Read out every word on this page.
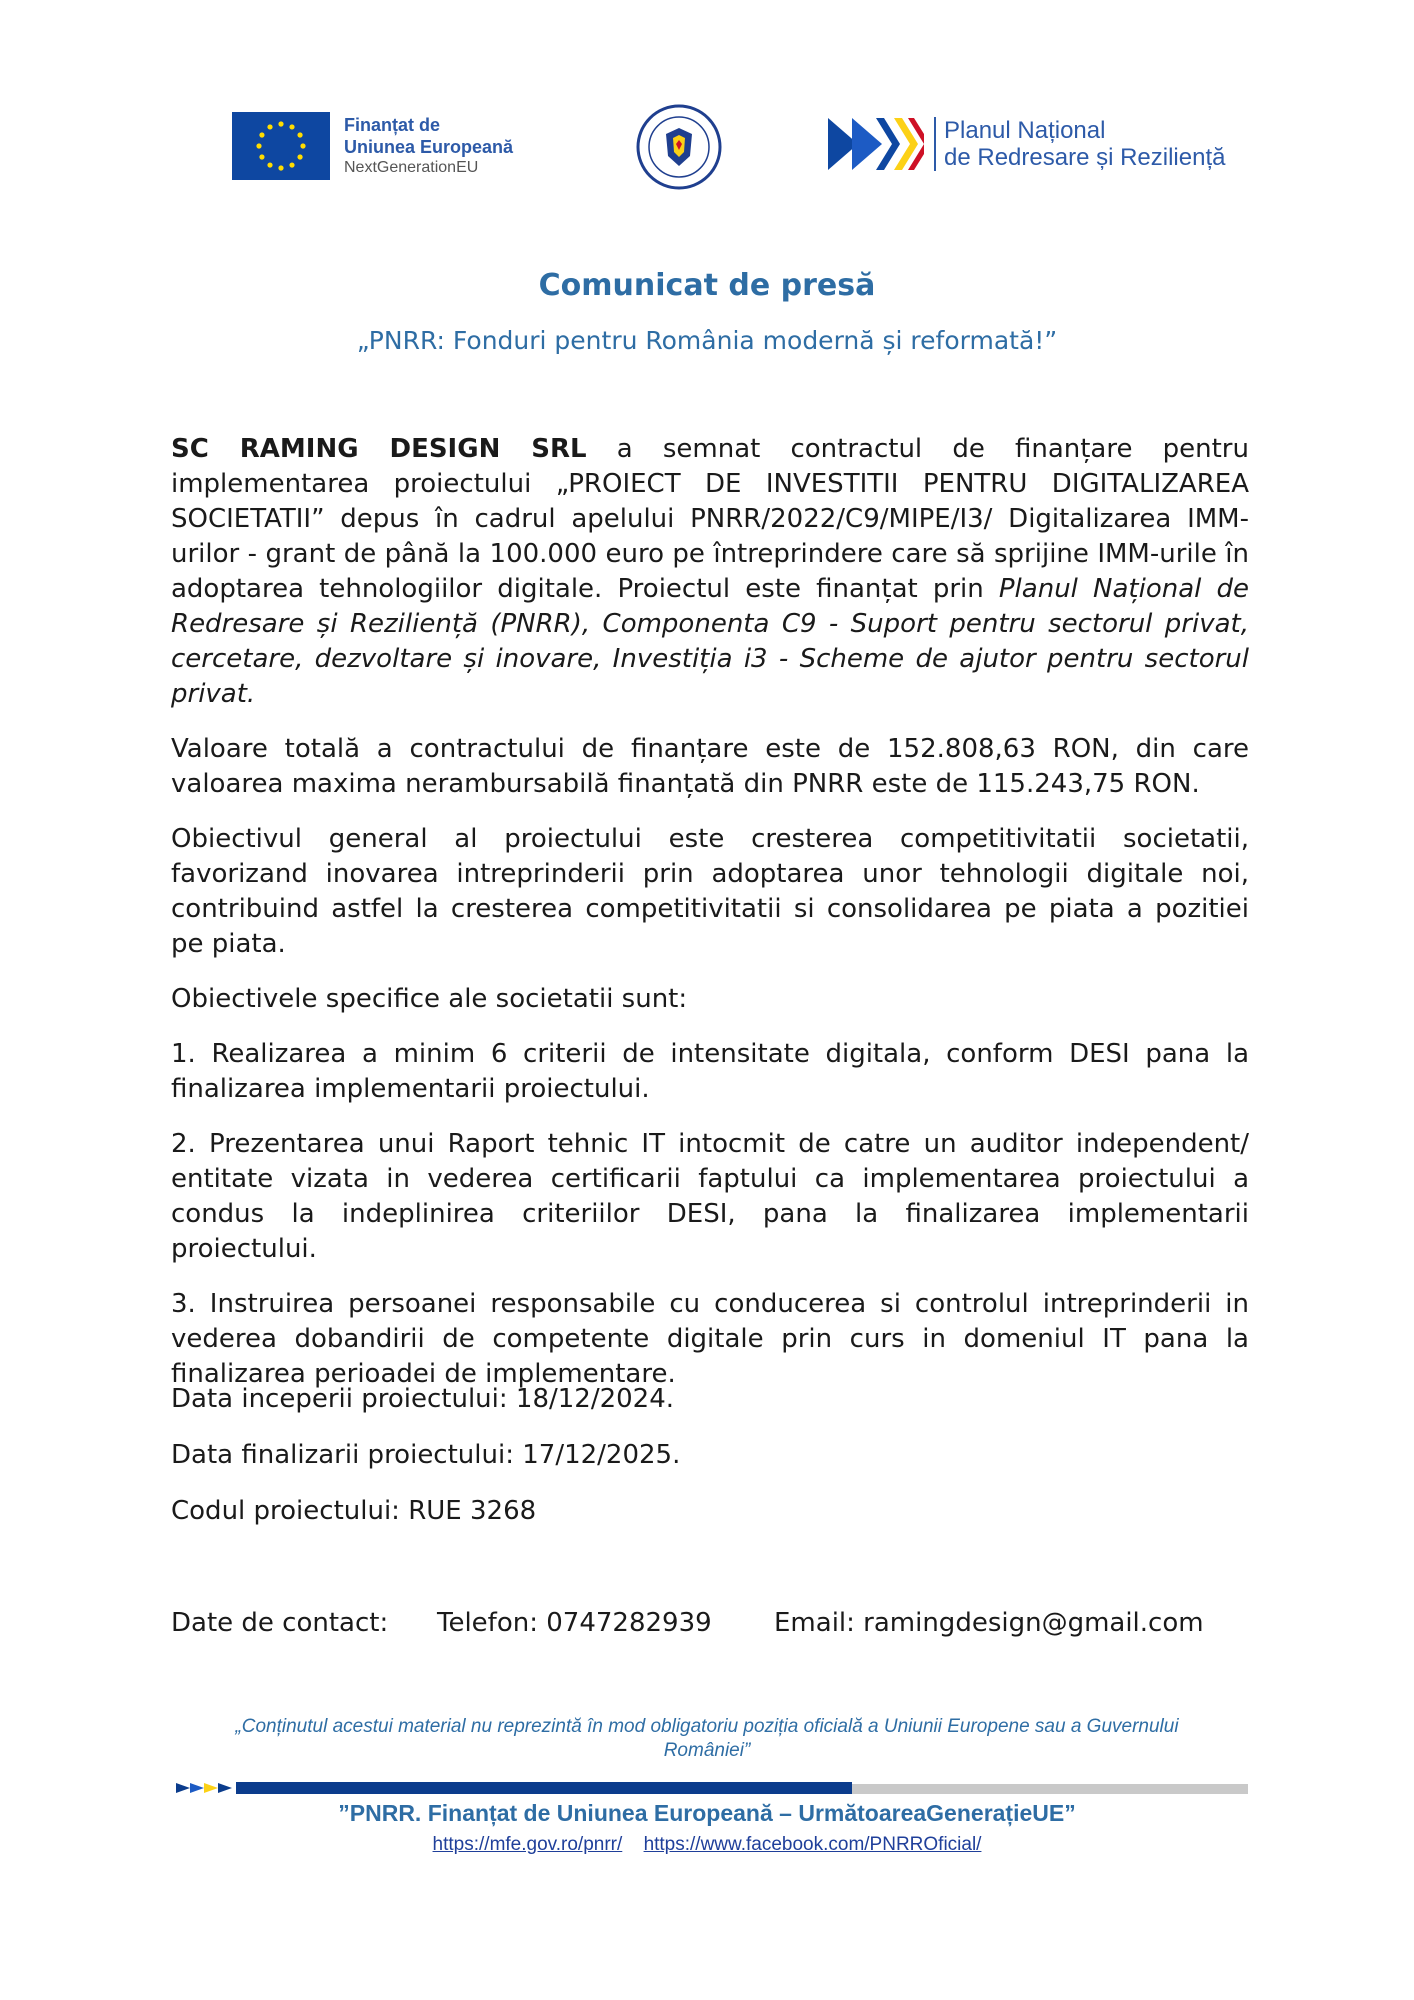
Finanțat de
Uniunea Europeană
NextGenerationEU
Planul Național
de Redresare și Reziliență
Comunicat de presă
„PNRR: Fonduri pentru România modernă și reformată!”

SC RAMING DESIGN SRL a semnat contractul de finanțare pentru implementarea proiectului „PROIECT DE INVESTITII PENTRU DIGITALIZAREA SOCIETATII” depus în cadrul apelului PNRR/2022/C9/MIPE/I3/ Digitalizarea IMM-urilor - grant de până la 100.000 euro pe întreprindere care să sprijine IMM-urile în adoptarea tehnologiilor digitale. Proiectul este finanțat prin Planul Național de Redresare și Reziliență (PNRR), Componenta C9 - Suport pentru sectorul privat, cercetare, dezvoltare și inovare, Investiția i3 - Scheme de ajutor pentru sectorul privat.

Valoare totală a contractului de finanțare este de 152.808,63 RON, din care valoarea maxima nerambursabilă finanțată din PNRR este de 115.243,75 RON.

Obiectivul general al proiectului este cresterea competitivitatii societatii, favorizand inovarea intreprinderii prin adoptarea unor tehnologii digitale noi, contribuind astfel la cresterea competitivitatii si consolidarea pe piata a pozitiei pe piata.

Obiectivele specifice ale societatii sunt:

1. Realizarea a minim 6 criterii de intensitate digitala, conform DESI pana la finalizarea implementarii proiectului.

2. Prezentarea unui Raport tehnic IT intocmit de catre un auditor independent/ entitate vizata in vederea certificarii faptului ca implementarea proiectului a condus la indeplinirea criteriilor DESI, pana la finalizarea implementarii proiectului.

3. Instruirea persoanei responsabile cu conducerea si controlul intreprinderii in vederea dobandirii de competente digitale prin curs in domeniul IT pana la finalizarea perioadei de implementare.

Data inceperii proiectului: 18/12/2024.

Data finalizarii proiectului: 17/12/2025.

Codul proiectului: RUE 3268

Date de contact: Telefon: 0747282939 Email: ramingdesign@gmail.com
„Conținutul acestui material nu reprezintă în mod obligatoriu poziția oficială a Uniunii Europene sau a Guvernului României”
”PNRR. Finanțat de Uniunea Europeană – UrmătoareaGenerațieUE”
https://mfe.gov.ro/pnrr/ https://www.facebook.com/PNRROficial/
